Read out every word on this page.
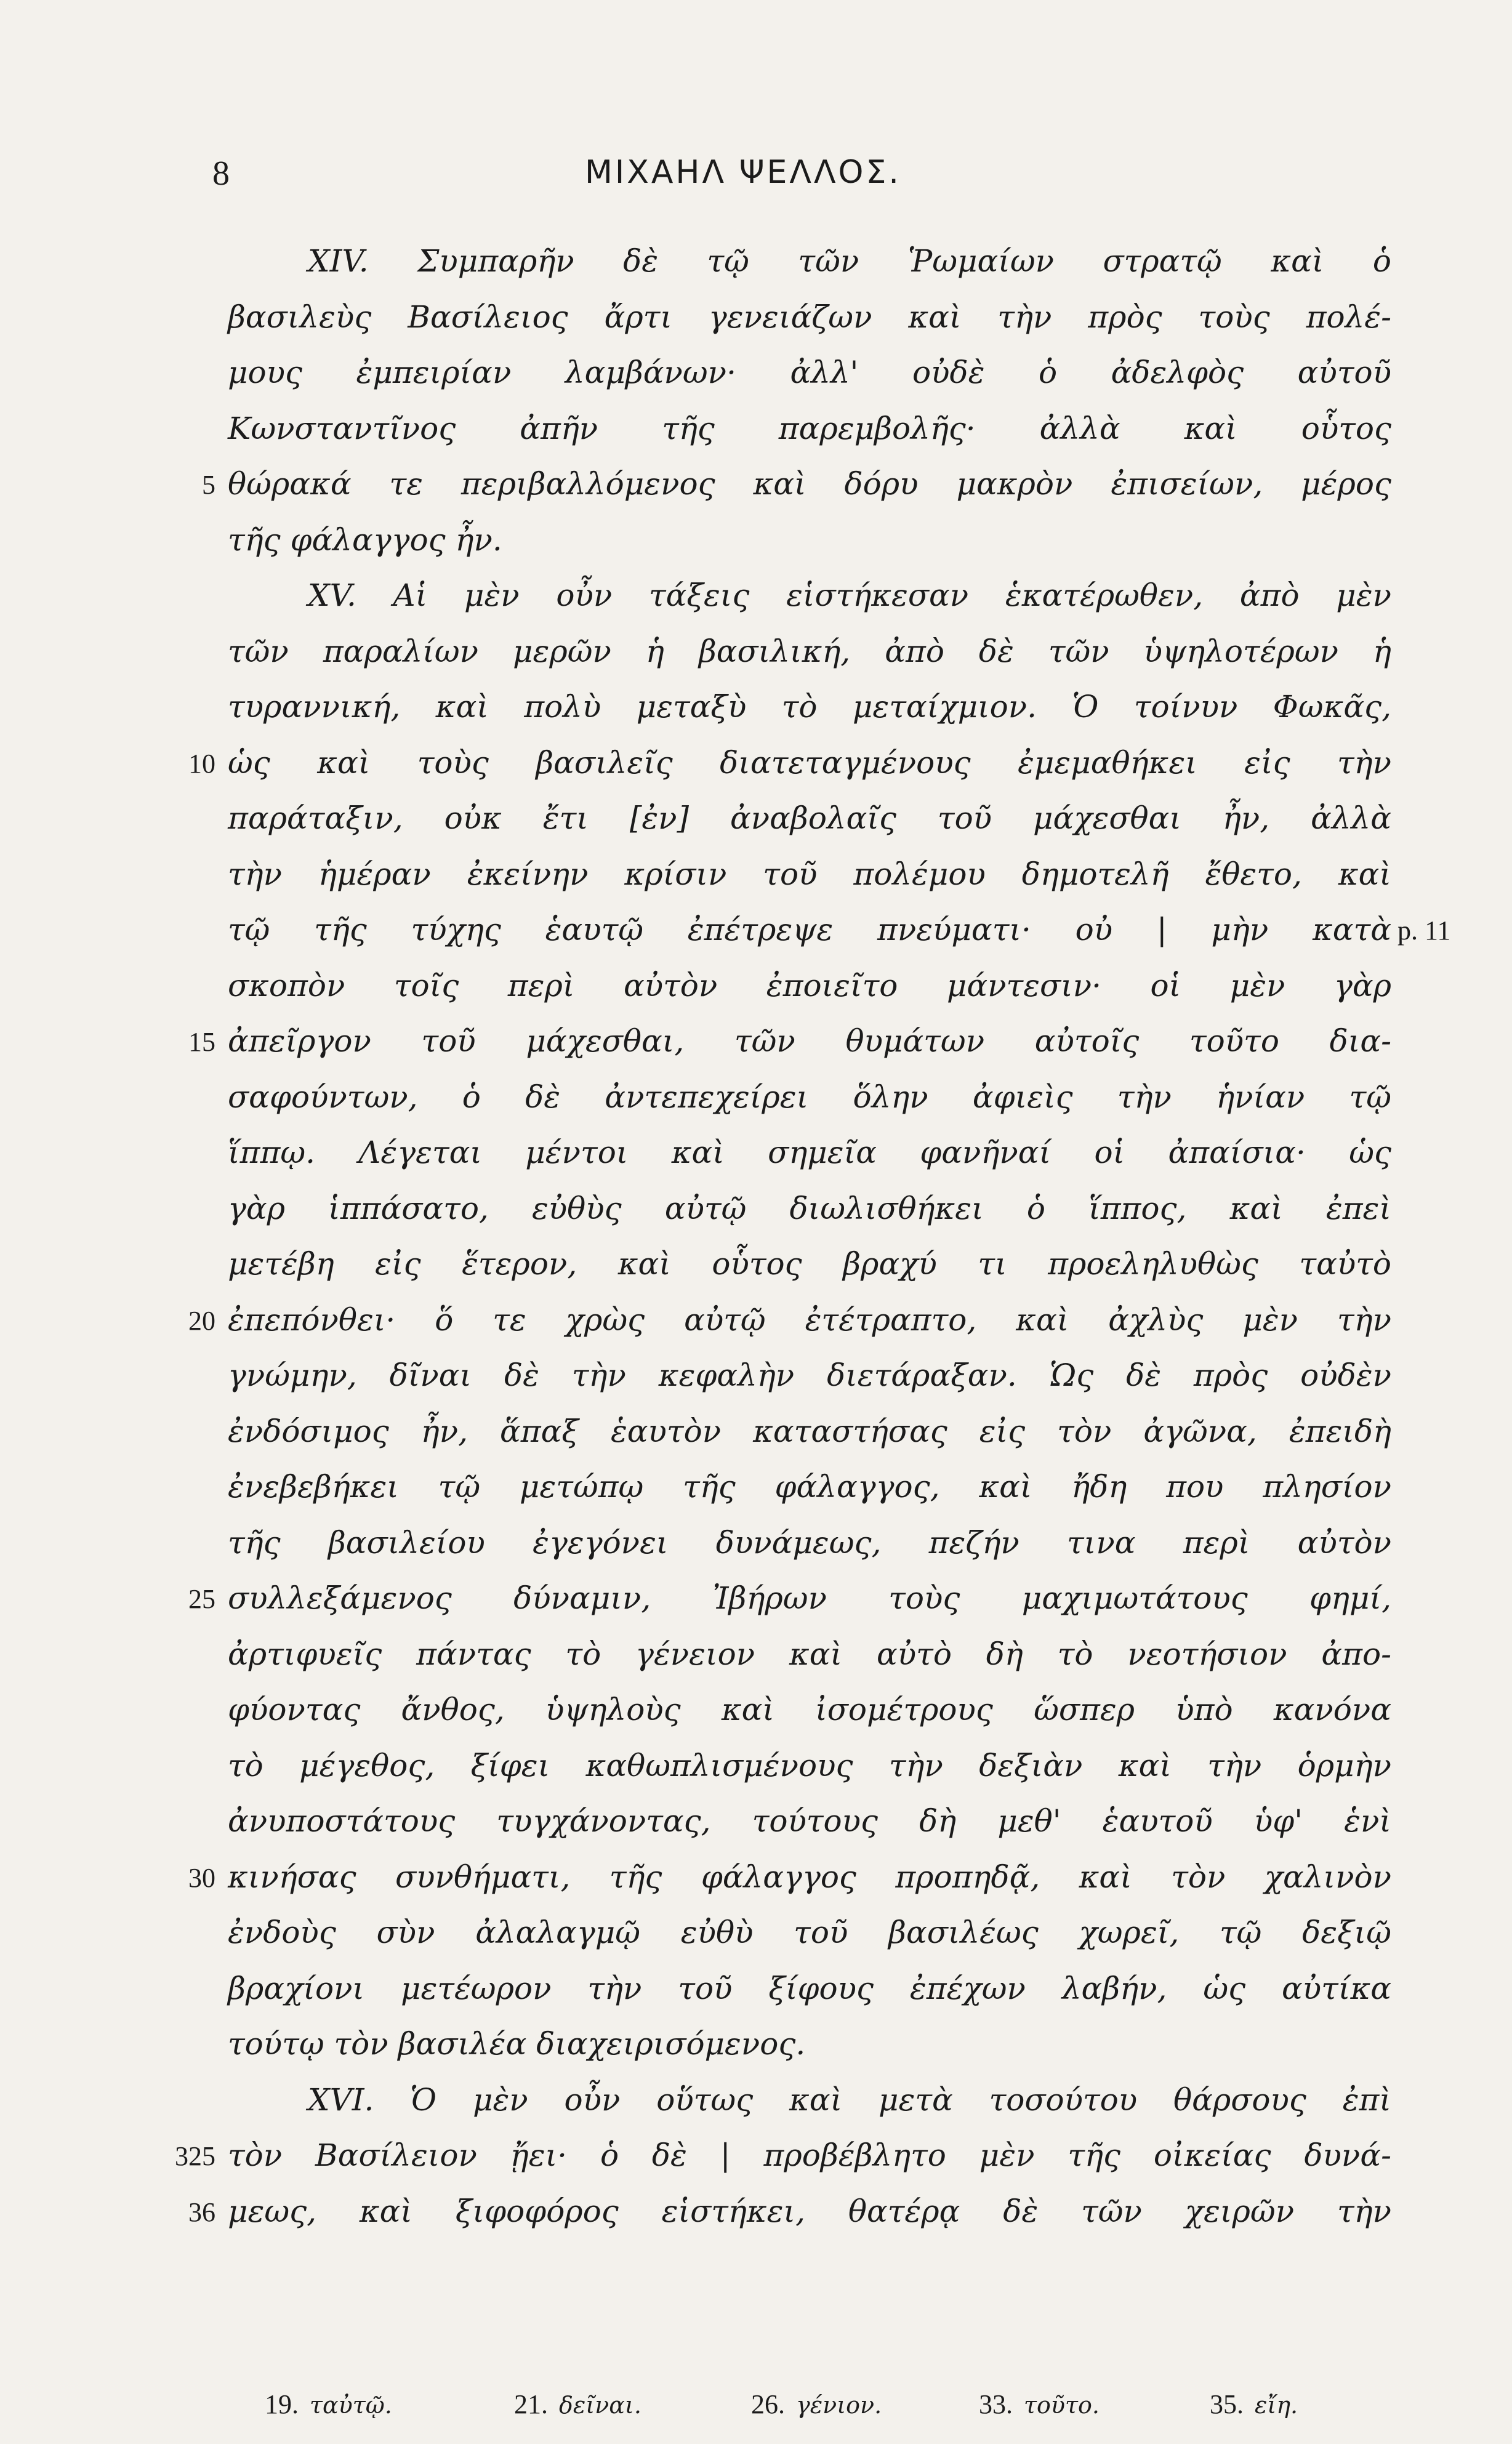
8	ΜΙΧΑΗΛ ΨΕΛΛΟΣ.
XIV. Συμπαρῆν δὲ τῷ τῶν Ῥωμαίων στρατῷ καὶ ὁ
βασιλεὺς Βασίλειος ἄρτι γενειάζων καὶ τὴν πρὸς τοὺς πολέ-
μους ἐμπειρίαν λαμβάνων· ἀλλ' οὐδὲ ὁ ἀδελφὸς αὐτοῦ
Κωνσταντῖνος ἀπῆν τῆς παρεμβολῆς· ἀλλὰ καὶ οὗτος
5 θώρακά τε περιβαλλόμενος καὶ δόρυ μακρὸν ἐπισείων, μέρος
τῆς φάλαγγος ἦν.
XV. Αἱ μὲν οὖν τάξεις εἱστήκεσαν ἑκατέρωθεν, ἀπὸ μὲν
τῶν παραλίων μερῶν ἡ βασιλική, ἀπὸ δὲ τῶν ὑψηλοτέρων ἡ
τυραννική, καὶ πολὺ μεταξὺ τὸ μεταίχμιον. Ὁ τοίνυν Φωκᾶς,
10 ὡς καὶ τοὺς βασιλεῖς διατεταγμένους ἐμεμαθήκει εἰς τὴν
παράταξιν, οὐκ ἔτι [ἐν] ἀναβολαῖς τοῦ μάχεσθαι ἦν, ἀλλὰ
τὴν ἡμέραν ἐκείνην κρίσιν τοῦ πολέμου δημοτελῆ ἔθετο, καὶ
τῷ τῆς τύχης ἑαυτῷ ἐπέτρεψε πνεύματι· οὐ | μὴν κατὰ p. 11
σκοπὸν τοῖς περὶ αὐτὸν ἐποιεῖτο μάντεσιν· οἱ μὲν γὰρ
15 ἀπεῖργον τοῦ μάχεσθαι, τῶν θυμάτων αὐτοῖς τοῦτο δια-
σαφούντων, ὁ δὲ ἀντεπεχείρει ὅλην ἀφιεὶς τὴν ἡνίαν τῷ
ἵππῳ. Λέγεται μέντοι καὶ σημεῖα φανῆναί οἱ ἀπαίσια· ὡς
γὰρ ἱππάσατο, εὐθὺς αὐτῷ διωλισθήκει ὁ ἵππος, καὶ ἐπεὶ
μετέβη εἰς ἕτερον, καὶ οὗτος βραχύ τι προεληλυθὼς ταὐτὸ
20 ἐπεπόνθει· ὅ τε χρὼς αὐτῷ ἐτέτραπτο, καὶ ἀχλὺς μὲν τὴν
γνώμην, δῖναι δὲ τὴν κεφαλὴν διετάραξαν. Ὡς δὲ πρὸς οὐδὲν
ἐνδόσιμος ἦν, ἅπαξ ἑαυτὸν καταστήσας εἰς τὸν ἀγῶνα, ἐπειδὴ
ἐνεβεβήκει τῷ μετώπῳ τῆς φάλαγγος, καὶ ἤδη που πλησίον
τῆς βασιλείου ἐγεγόνει δυνάμεως, πεζήν τινα περὶ αὐτὸν
25 συλλεξάμενος δύναμιν, Ἰβήρων τοὺς μαχιμωτάτους φημί,
ἀρτιφυεῖς πάντας τὸ γένειον καὶ αὐτὸ δὴ τὸ νεοτήσιον ἀπο-
φύοντας ἄνθος, ὑψηλοὺς καὶ ἰσομέτρους ὥσπερ ὑπὸ κανόνα
τὸ μέγεθος, ξίφει καθωπλισμένους τὴν δεξιὰν καὶ τὴν ὁρμὴν
ἀνυποστάτους τυγχάνοντας, τούτους δὴ μεθ' ἑαυτοῦ ὑφ' ἑνὶ
30 κινήσας συνθήματι, τῆς φάλαγγος προπηδᾷ, καὶ τὸν χαλινὸν
ἐνδοὺς σὺν ἀλαλαγμῷ εὐθὺ τοῦ βασιλέως χωρεῖ, τῷ δεξιῷ
βραχίονι μετέωρον τὴν τοῦ ξίφους ἐπέχων λαβήν, ὡς αὐτίκα
τούτῳ τὸν βασιλέα διαχειρισόμενος.
XVI. Ὁ μὲν οὖν οὕτως καὶ μετὰ τοσούτου θάρσους ἐπὶ
325 τὸν Βασίλειον ᾔει· ὁ δὲ | προβέβλητο μὲν τῆς οἰκείας δυνά-
36 μεως, καὶ ξιφοφόρος εἱστήκει, θατέρᾳ δὲ τῶν χειρῶν τὴν
19. ταὐτῷ.	21. δεῖναι.	26. γένιον.	33. τοῦτο.	35. εἴη.
